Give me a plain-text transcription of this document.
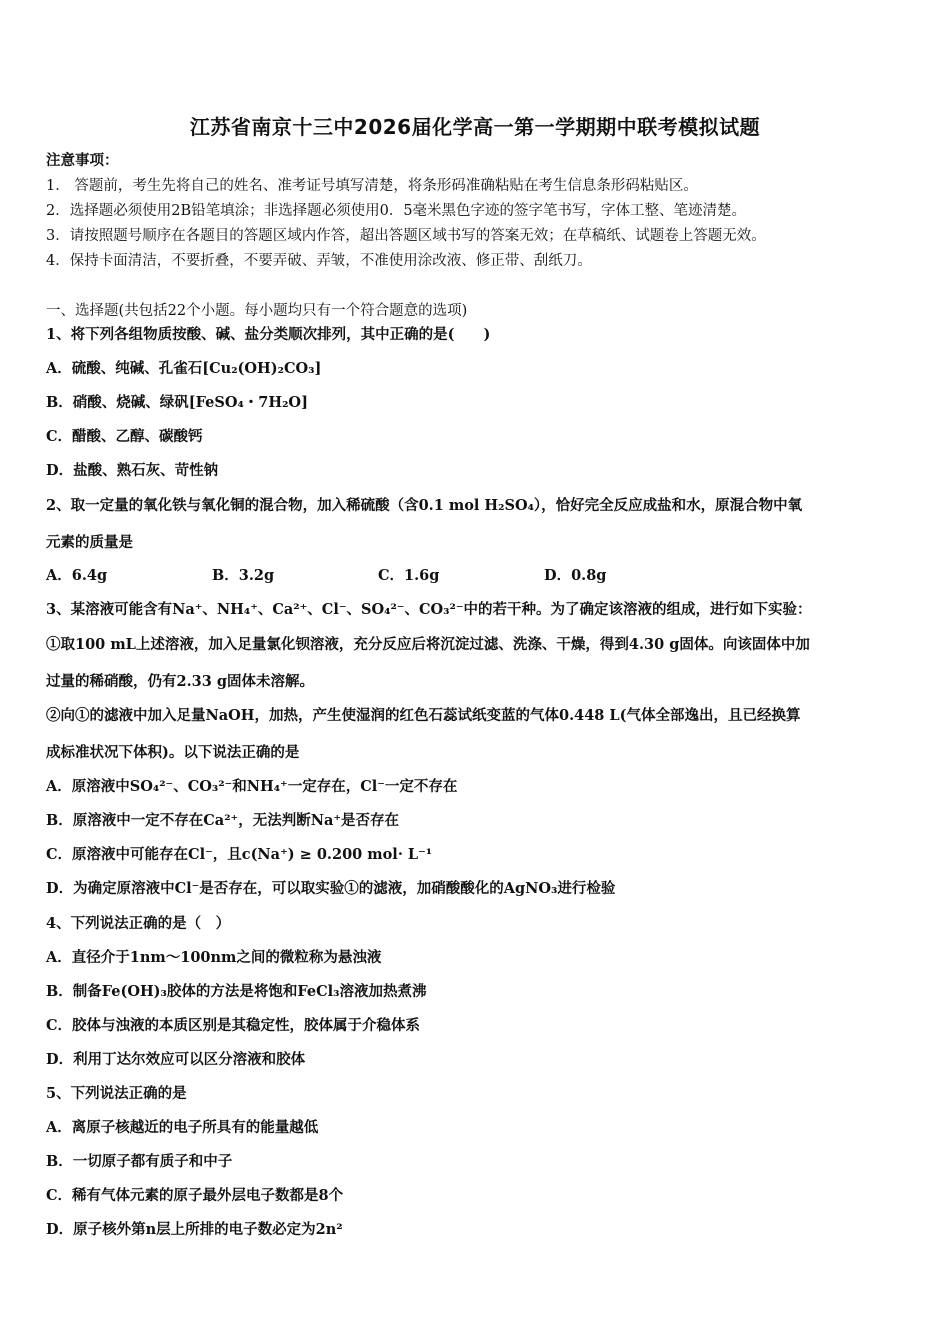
江苏省南京十三中2026届化学高一第一学期期中联考模拟试题
注意事项：
1． 答题前，考生先将自己的姓名、准考证号填写清楚，将条形码准确粘贴在考生信息条形码粘贴区。
2．选择题必须使用2B铅笔填涂；非选择题必须使用0．5毫米黑色字迹的签字笔书写，字体工整、笔迹清楚。
3．请按照题号顺序在各题目的答题区域内作答，超出答题区域书写的答案无效；在草稿纸、试题卷上答题无效。
4．保持卡面清洁，不要折叠，不要弄破、弄皱，不准使用涂改液、修正带、刮纸刀。
一、选择题(共包括22个小题。每小题均只有一个符合题意的选项)
1、将下列各组物质按酸、碱、盐分类顺次排列，其中正确的是(　　)
A．硫酸、纯碱、孔雀石[Cu₂(OH)₂CO₃]
B．硝酸、烧碱、绿矾[FeSO₄・7H₂O]
C．醋酸、乙醇、碳酸钙
D．盐酸、熟石灰、苛性钠
2、取一定量的氧化铁与氧化铜的混合物，加入稀硫酸（含0.1 mol H₂SO₄），恰好完全反应成盐和水，原混合物中氧
元素的质量是
A．6.4g	B．3.2g	C．1.6g	D．0.8g
3、某溶液可能含有Na⁺、NH₄⁺、Ca²⁺、Cl⁻、SO₄²⁻、CO₃²⁻中的若干种。为了确定该溶液的组成，进行如下实验：
①取100 mL上述溶液，加入足量氯化钡溶液，充分反应后将沉淀过滤、洗涤、干燥，得到4.30 g固体。向该固体中加
过量的稀硝酸，仍有2.33 g固体未溶解。
②向①的滤液中加入足量NaOH，加热，产生使湿润的红色石蕊试纸变蓝的气体0.448 L(气体全部逸出，且已经换算
成标准状况下体积)。以下说法正确的是
A．原溶液中SO₄²⁻、CO₃²⁻和NH₄⁺一定存在，Cl⁻一定不存在
B．原溶液中一定不存在Ca²⁺，无法判断Na⁺是否存在
C．原溶液中可能存在Cl⁻，且c(Na⁺) ≥ 0.200 mol· L⁻¹
D．为确定原溶液中Cl⁻是否存在，可以取实验①的滤液，加硝酸酸化的AgNO₃进行检验
4、下列说法正确的是（　）
A．直径介于1nm～100nm之间的微粒称为悬浊液
B．制备Fe(OH)₃胶体的方法是将饱和FeCl₃溶液加热煮沸
C．胶体与浊液的本质区别是其稳定性，胶体属于介稳体系
D．利用丁达尔效应可以区分溶液和胶体
5、下列说法正确的是
A．离原子核越近的电子所具有的能量越低
B．一切原子都有质子和中子
C．稀有气体元素的原子最外层电子数都是8个
D．原子核外第n层上所排的电子数必定为2n²
